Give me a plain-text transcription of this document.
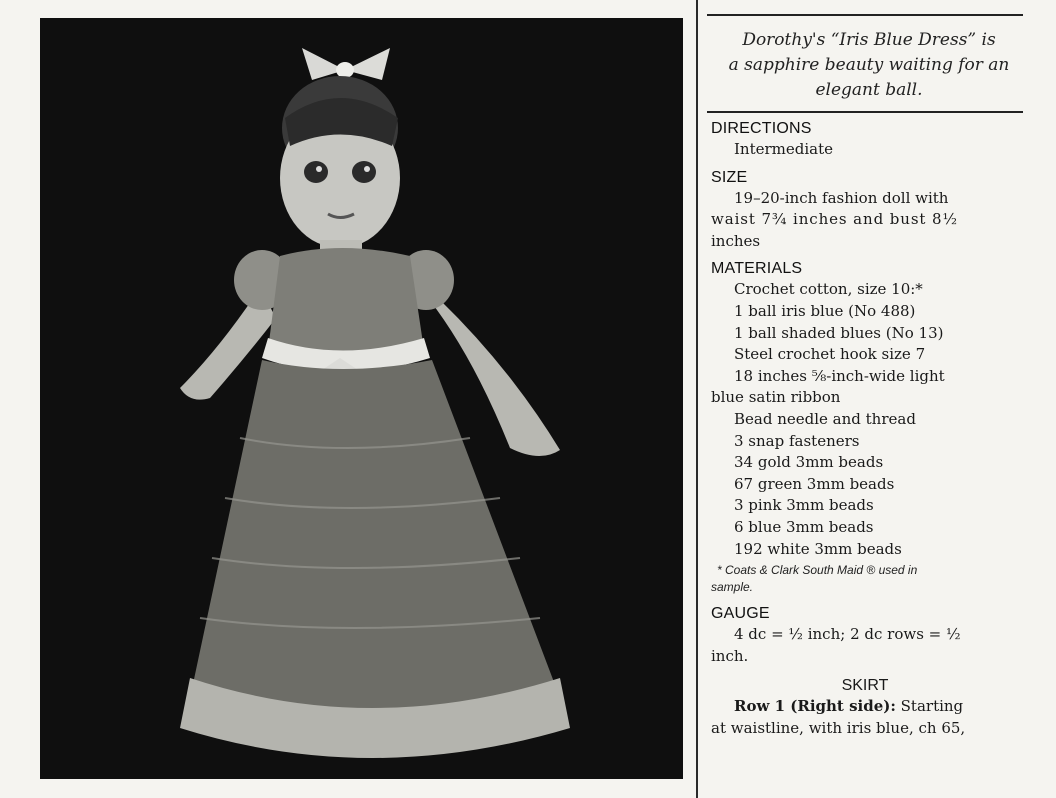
Dorothy's “Iris Blue Dress” is
a sapphire beauty waiting for an
elegant ball.
DIRECTIONS
Intermediate
SIZE
19–20-inch fashion doll with
waist 7¾ inches and bust 8½
inches
MATERIALS
Crochet cotton, size 10:*
1 ball iris blue (No 488)
1 ball shaded blues (No 13)
Steel crochet hook size 7
18 inches ⅝-inch-wide light
blue satin ribbon
Bead needle and thread
3 snap fasteners
34 gold 3mm beads
67 green 3mm beads
3 pink 3mm beads
6 blue 3mm beads
192 white 3mm beads
* Coats & Clark South Maid ® used in
sample.
GAUGE
4 dc = ½ inch; 2 dc rows = ½
inch.
SKIRT
Row 1 (Right side): Starting
at waistline, with iris blue, ch 65,
